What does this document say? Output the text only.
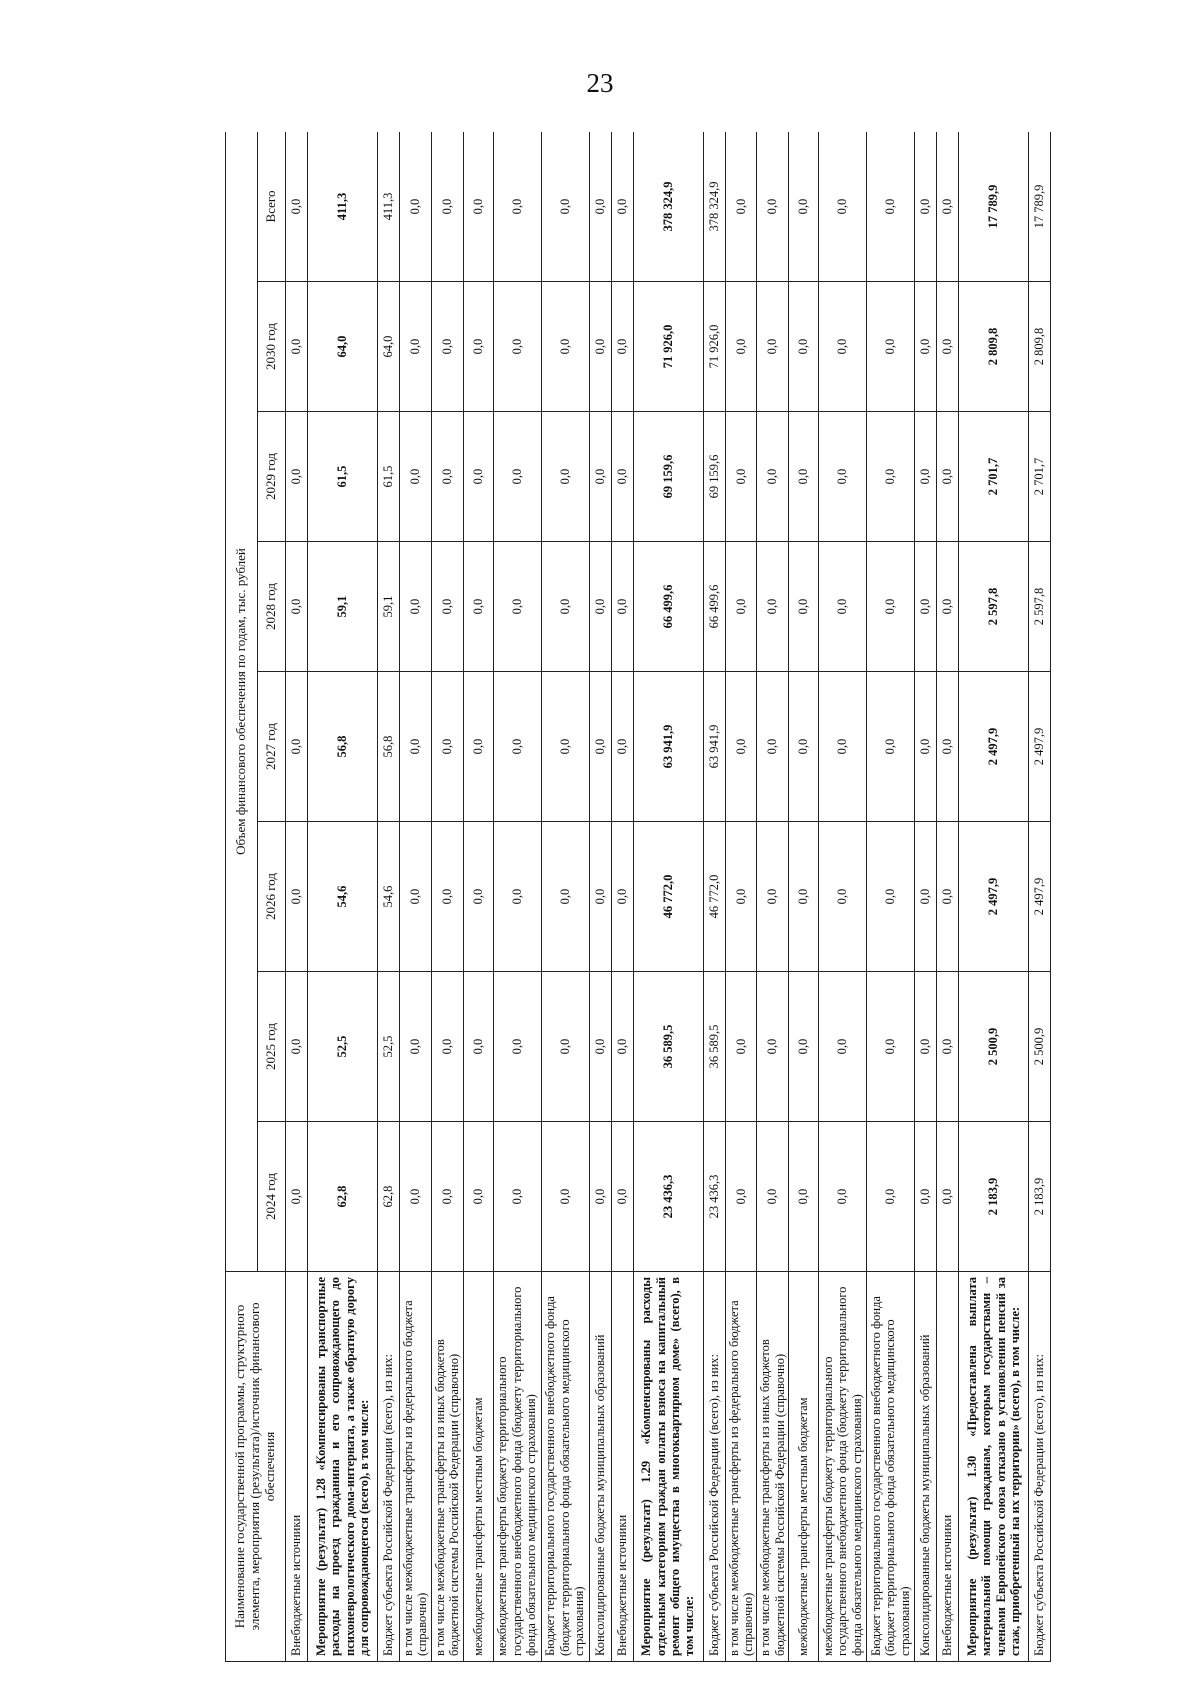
23
Наименование государственной программы, структурного элемента, мероприятия (результата)/источник финансового обеспечения	Объем финансового обеспечения по годам, тыс. рублей							
	2024 год	2025 год	2026 год	2027 год	2028 год	2029 год	2030 год	Всего
Внебюджетные источники	0,0	0,0	0,0	0,0	0,0	0,0	0,0	0,0
Мероприятие (результат) 1.28 «Компенсированы транспортные расходы на проезд гражданина и его сопровождающего до психоневрологического дома-интерната, а также обратную дорогу для сопровождающегося (всего), в том числе:	62,8	52,5	54,6	56,8	59,1	61,5	64,0	411,3
Бюджет субъекта Российской Федерации (всего), из них:	62,8	52,5	54,6	56,8	59,1	61,5	64,0	411,3
в том числе межбюджетные трансферты из федерального бюджета (справочно)	0,0	0,0	0,0	0,0	0,0	0,0	0,0	0,0
в том числе межбюджетные трансферты из иных бюджетов бюджетной системы Российской Федерации (справочно)	0,0	0,0	0,0	0,0	0,0	0,0	0,0	0,0
межбюджетные трансферты местным бюджетам	0,0	0,0	0,0	0,0	0,0	0,0	0,0	0,0
межбюджетные трансферты бюджету территориального государственного внебюджетного фонда (бюджету территориального фонда обязательного медицинского страхования)	0,0	0,0	0,0	0,0	0,0	0,0	0,0	0,0
Бюджет территориального государственного внебюджетного фонда (бюджет территориального фонда обязательного медицинского страхования)	0,0	0,0	0,0	0,0	0,0	0,0	0,0	0,0
Консолидированные бюджеты муниципальных образований	0,0	0,0	0,0	0,0	0,0	0,0	0,0	0,0
Внебюджетные источники	0,0	0,0	0,0	0,0	0,0	0,0	0,0	0,0
Мероприятие (результат) 1.29 «Компенсированы расходы отдельным категориям граждан оплаты взноса на капитальный ремонт общего имущества в многоквартирном доме» (всего), в том числе:	23 436,3	36 589,5	46 772,0	63 941,9	66 499,6	69 159,6	71 926,0	378 324,9
Бюджет субъекта Российской Федерации (всего), из них:	23 436,3	36 589,5	46 772,0	63 941,9	66 499,6	69 159,6	71 926,0	378 324,9
в том числе межбюджетные трансферты из федерального бюджета (справочно)	0,0	0,0	0,0	0,0	0,0	0,0	0,0	0,0
в том числе межбюджетные трансферты из иных бюджетов бюджетной системы Российской Федерации (справочно)	0,0	0,0	0,0	0,0	0,0	0,0	0,0	0,0
межбюджетные трансферты местным бюджетам	0,0	0,0	0,0	0,0	0,0	0,0	0,0	0,0
межбюджетные трансферты бюджету территориального государственного внебюджетного фонда (бюджету территориального фонда обязательного медицинского страхования)	0,0	0,0	0,0	0,0	0,0	0,0	0,0	0,0
Бюджет территориального государственного внебюджетного фонда (бюджет территориального фонда обязательного медицинского страхования)	0,0	0,0	0,0	0,0	0,0	0,0	0,0	0,0
Консолидированные бюджеты муниципальных образований	0,0	0,0	0,0	0,0	0,0	0,0	0,0	0,0
Внебюджетные источники	0,0	0,0	0,0	0,0	0,0	0,0	0,0	0,0
Мероприятие (результат) 1.30 «Предоставлена выплата материальной помощи гражданам, которым государствами – членами Европейского союза отказано в установлении пенсий за стаж, приобретенный на их территории» (всего), в том числе:	2 183,9	2 500,9	2 497,9	2 497,9	2 597,8	2 701,7	2 809,8	17 789,9
Бюджет субъекта Российской Федерации (всего), из них:	2 183,9	2 500,9	2 497,9	2 497,9	2 597,8	2 701,7	2 809,8	17 789,9
